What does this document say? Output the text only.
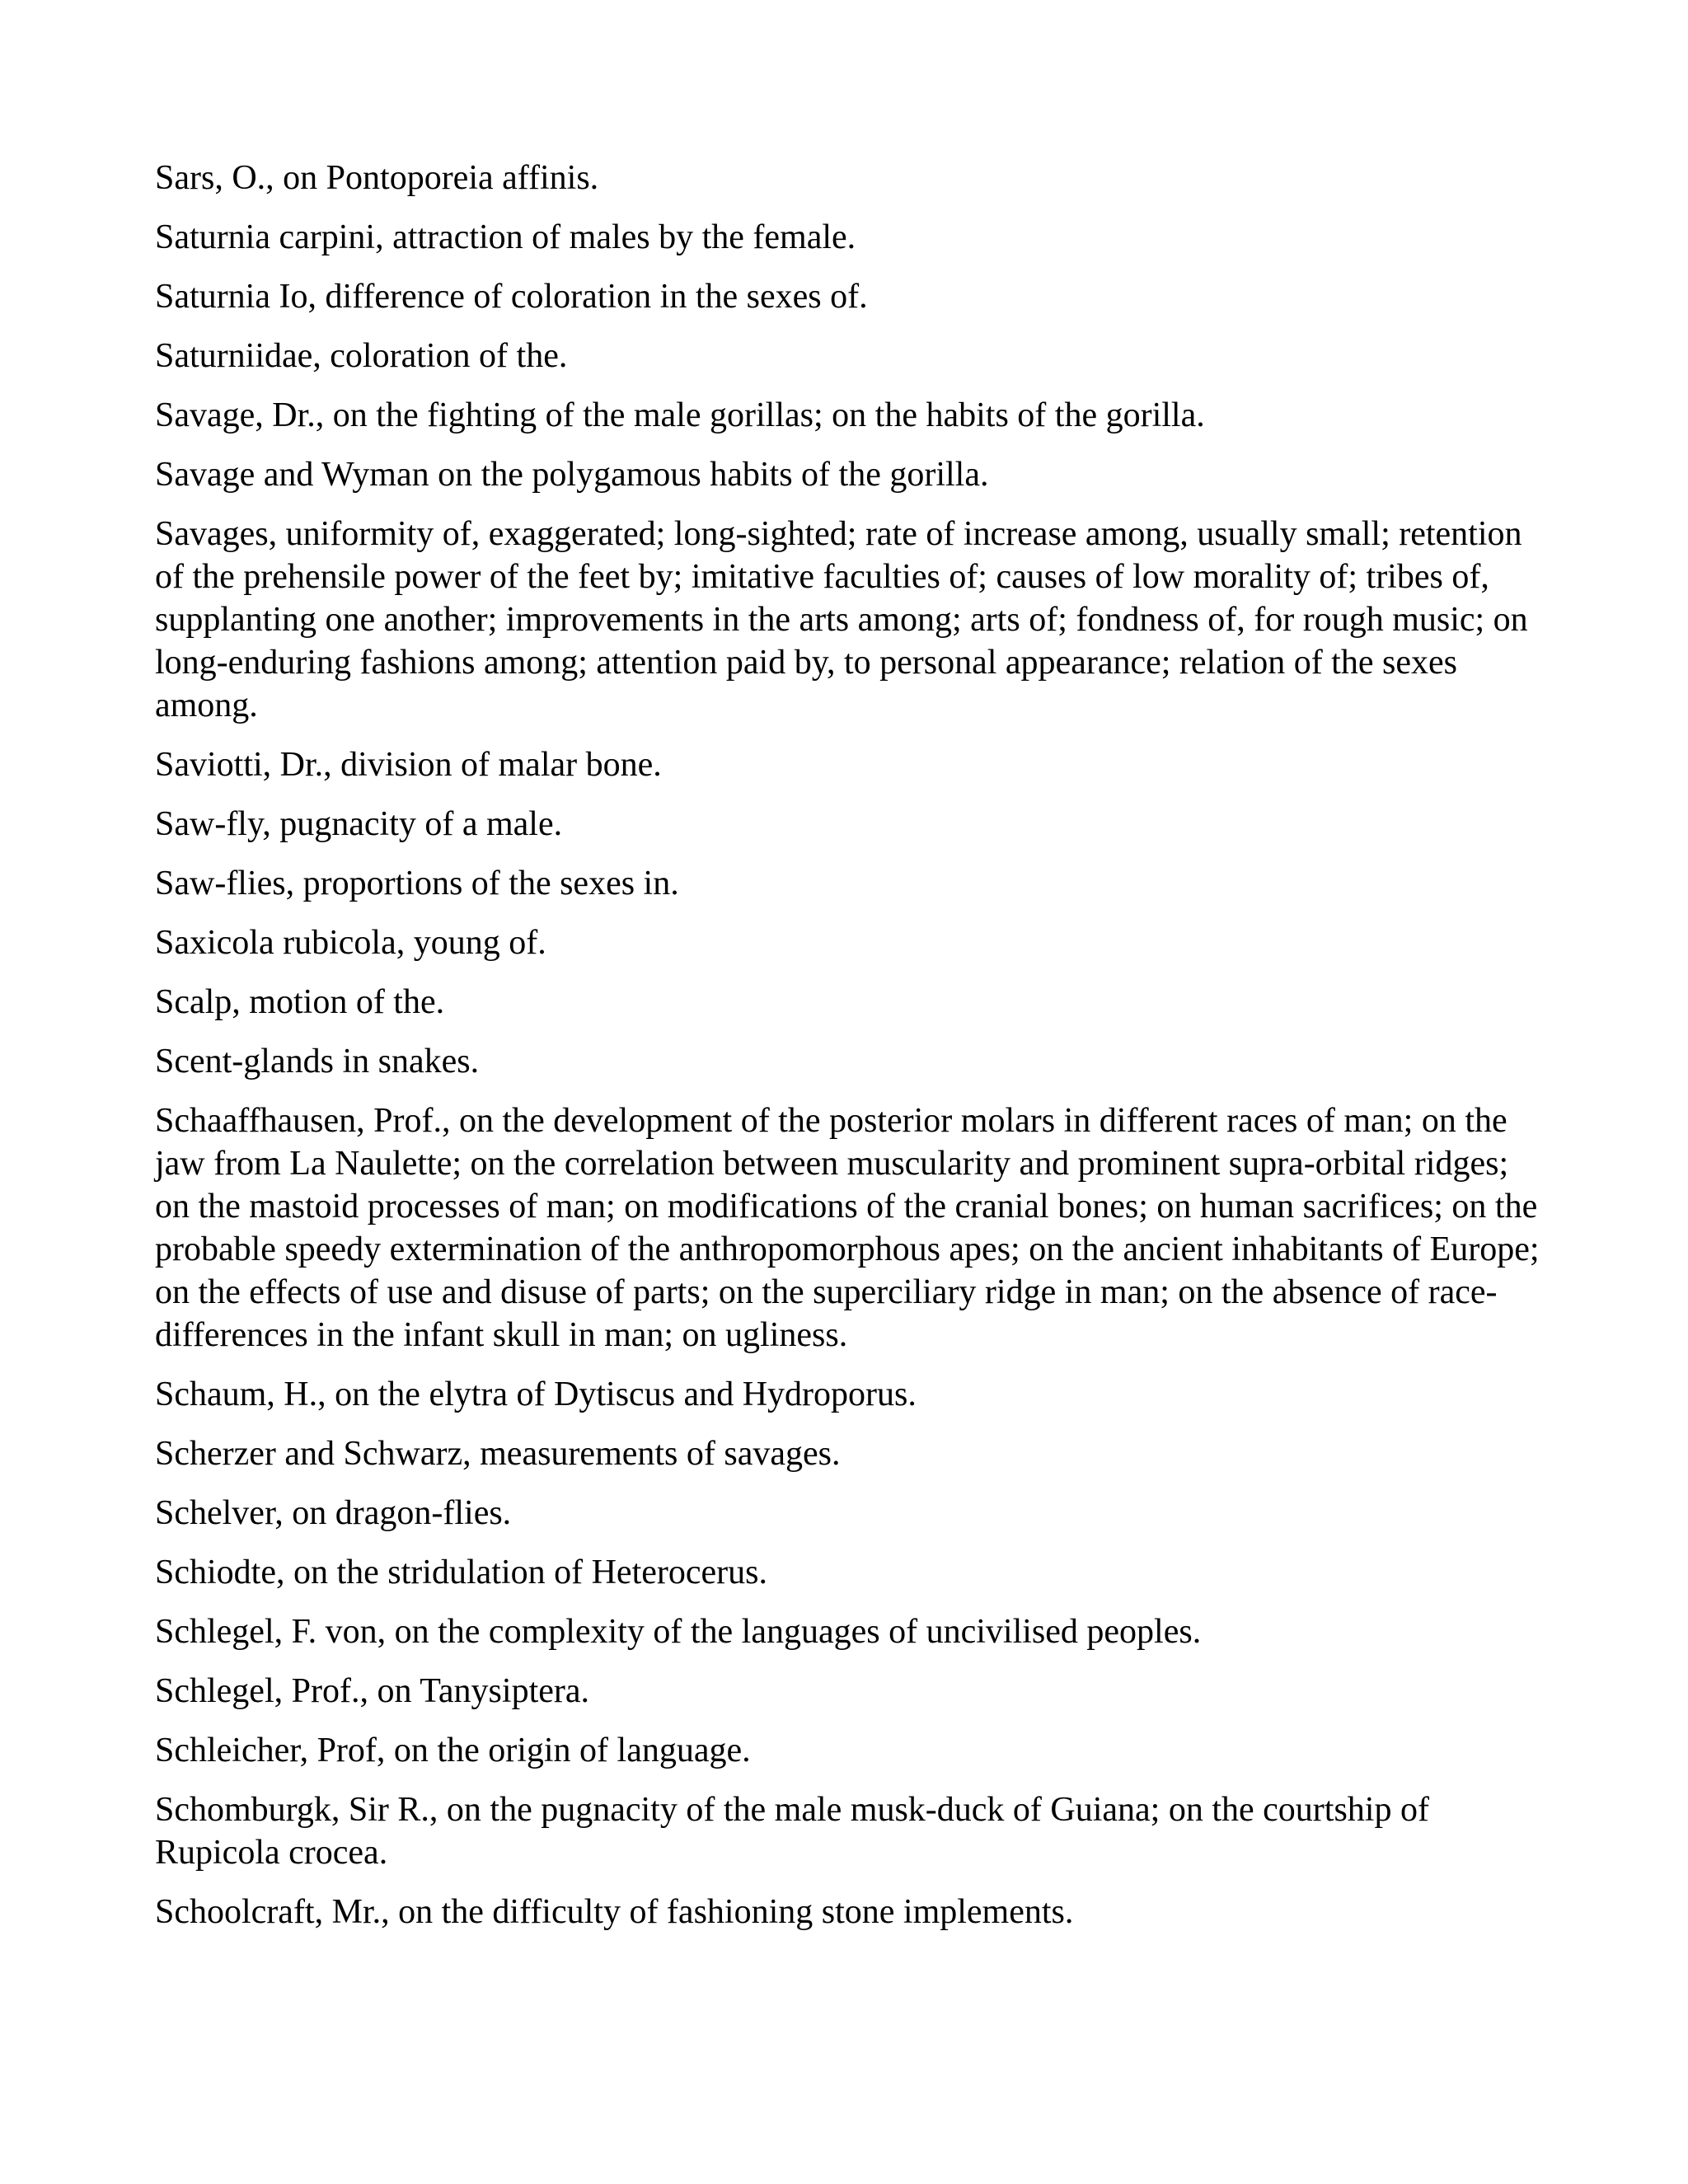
Sars, O., on Pontoporeia affinis.

Saturnia carpini, attraction of males by the female.

Saturnia Io, difference of coloration in the sexes of.

Saturniidae, coloration of the.

Savage, Dr., on the fighting of the male gorillas; on the habits of the gorilla.

Savage and Wyman on the polygamous habits of the gorilla.

Savages, uniformity of, exaggerated; long-sighted; rate of increase among, usually small; retention of the prehensile power of the feet by; imitative faculties of; causes of low morality of; tribes of, supplanting one another; improvements in the arts among; arts of; fondness of, for rough music; on long-enduring fashions among; attention paid by, to personal appearance; relation of the sexes among.

Saviotti, Dr., division of malar bone.

Saw-fly, pugnacity of a male.

Saw-flies, proportions of the sexes in.

Saxicola rubicola, young of.

Scalp, motion of the.

Scent-glands in snakes.

Schaaffhausen, Prof., on the development of the posterior molars in different races of man; on the jaw from La Naulette; on the correlation between muscularity and prominent supra-orbital ridges; on the mastoid processes of man; on modifications of the cranial bones; on human sacrifices; on the probable speedy extermination of the anthropomorphous apes; on the ancient inhabitants of Europe; on the effects of use and disuse of parts; on the superciliary ridge in man; on the absence of race-differences in the infant skull in man; on ugliness.

Schaum, H., on the elytra of Dytiscus and Hydroporus.

Scherzer and Schwarz, measurements of savages.

Schelver, on dragon-flies.

Schiodte, on the stridulation of Heterocerus.

Schlegel, F. von, on the complexity of the languages of uncivilised peoples.

Schlegel, Prof., on Tanysiptera.

Schleicher, Prof, on the origin of language.

Schomburgk, Sir R., on the pugnacity of the male musk-duck of Guiana; on the courtship of Rupicola crocea.

Schoolcraft, Mr., on the difficulty of fashioning stone implements.
